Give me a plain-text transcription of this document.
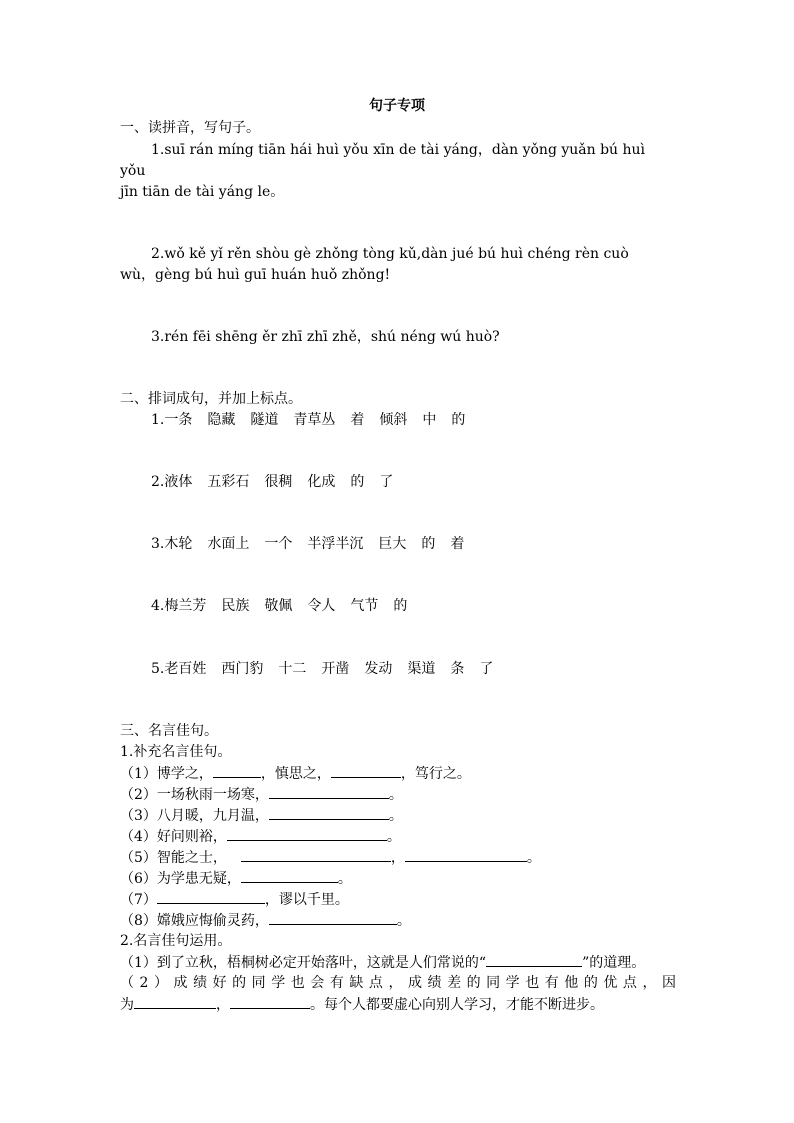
句子专项
一、读拼音，写句子。
1.suī rán míng tiān hái huì yǒu xīn de tài yáng，dàn yǒng yuǎn bú huì
yǒu
jīn tiān de tài yáng le。
2.wǒ kě yǐ rěn shòu gè zhǒng tòng kǔ,dàn jué bú huì chéng rèn cuò
wù，gèng bú huì guī huán huǒ zhǒng!
3.rén fēi shēng ěr zhī zhī zhě，shú néng wú huò?
二、排词成句，并加上标点。
1.一条 隐藏 隧道 青草丛 着 倾斜 中 的
2.液体 五彩石 很稠 化成 的 了
3.木轮 水面上 一个 半浮半沉 巨大 的 着
4.梅兰芳 民族 敬佩 令人 气节 的
5.老百姓 西门豹 十二 开凿 发动 渠道 条 了
三、名言佳句。
1.补充名言佳句。
（1）博学之，	，慎思之，	，笃行之。
（2）一场秋雨一场寒，	。
（3）八月暖，九月温，	。
（4）好问则裕，	。
（5）智能之士，	，	。
（6）为学患无疑，	。
（7）	，谬以千里。
（8）嫦娥应悔偷灵药，	。
2.名言佳句运用。
（1）到了立秋，梧桐树必定开始落叶，这就是人们常说的“	”的道理。
（2）成绩好的同学也会有缺点，成绩差的同学也有他的优点，因
为	，	。每个人都要虚心向别人学习，才能不断进步。
